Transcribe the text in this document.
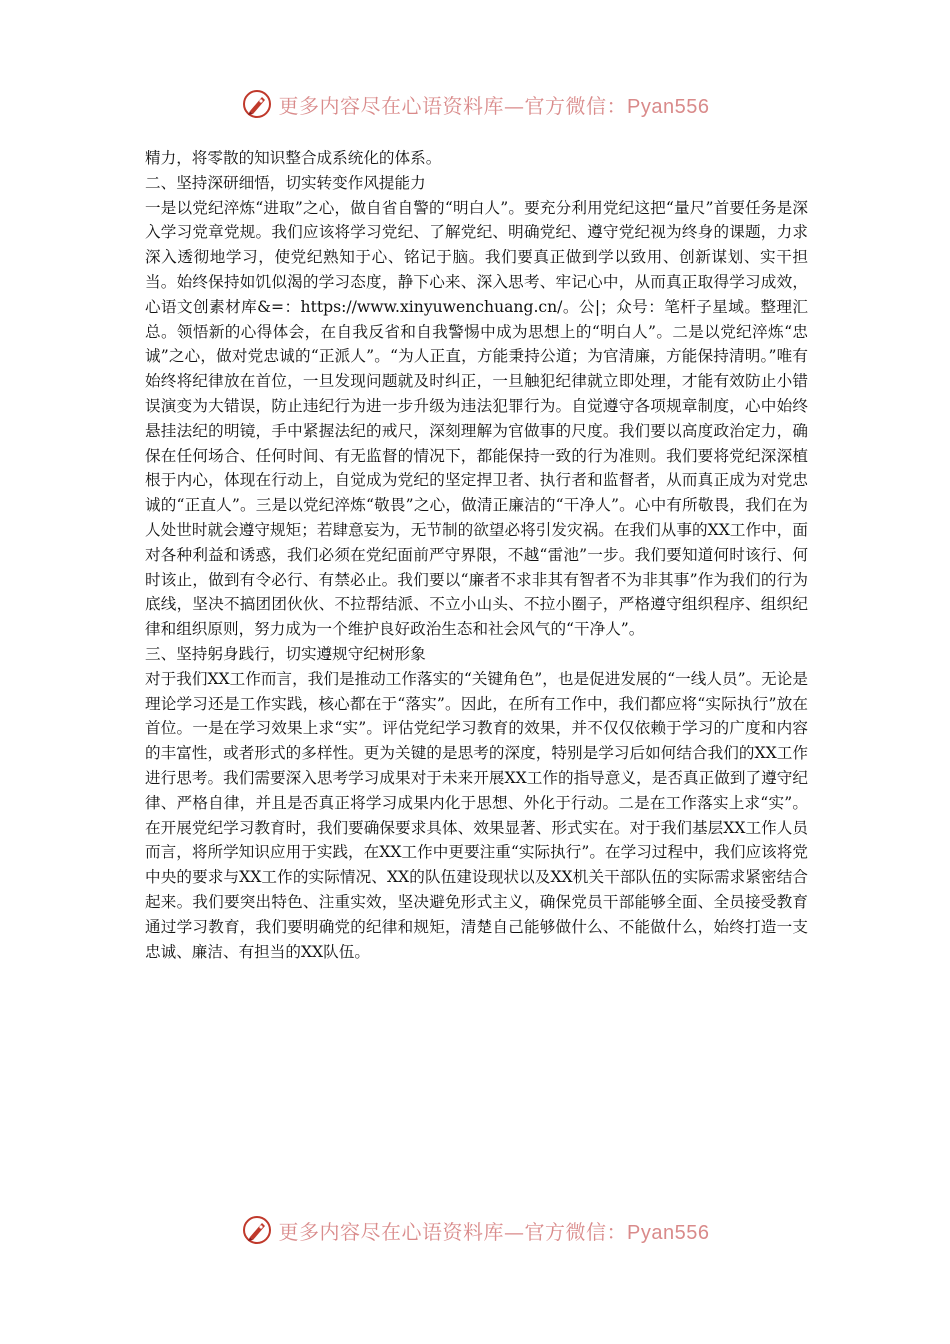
更多内容尽在心语资料库—官方微信：Pyan556

精力，将零散的知识整合成系统化的体系。

二、坚持深研细悟，切实转变作风提能力

一是以党纪淬炼“进取”之心，做自省自警的“明白人”。要充分利用党纪这把“量尺”首要任务是深入学习党章党规。我们应该将学习党纪、了解党纪、明确党纪、遵守党纪视为终身的课题，力求深入透彻地学习，使党纪熟知于心、铭记于脑。我们要真正做到学以致用、创新谋划、实干担当。始终保持如饥似渴的学习态度，静下心来、深入思考、牢记心中，从而真正取得学习成效，心语文创素材库&=：https://www.xinyuwenchuang.cn/。公|；众号：笔杆子星域。整理汇总。领悟新的心得体会，在自我反省和自我警惕中成为思想上的“明白人”。二是以党纪淬炼“忠诚”之心，做对党忠诚的“正派人”。“为人正直，方能秉持公道；为官清廉，方能保持清明。”唯有始终将纪律放在首位，一旦发现问题就及时纠正，一旦触犯纪律就立即处理，才能有效防止小错误演变为大错误，防止违纪行为进一步升级为违法犯罪行为。自觉遵守各项规章制度，心中始终悬挂法纪的明镜，手中紧握法纪的戒尺，深刻理解为官做事的尺度。我们要以高度政治定力，确保在任何场合、任何时间、有无监督的情况下，都能保持一致的行为准则。我们要将党纪深深植根于内心，体现在行动上，自觉成为党纪的坚定捍卫者、执行者和监督者，从而真正成为对党忠诚的“正直人”。三是以党纪淬炼“敬畏”之心，做清正廉洁的“干净人”。心中有所敬畏，我们在为人处世时就会遵守规矩；若肆意妄为，无节制的欲望必将引发灾祸。在我们从事的XX工作中，面对各种利益和诱惑，我们必须在党纪面前严守界限，不越“雷池”一步。我们要知道何时该行、何时该止，做到有令必行、有禁必止。我们要以“廉者不求非其有智者不为非其事”作为我们的行为底线，坚决不搞团团伙伙、不拉帮结派、不立小山头、不拉小圈子，严格遵守组织程序、组织纪律和组织原则，努力成为一个维护良好政治生态和社会风气的“干净人”。

三、坚持躬身践行，切实遵规守纪树形象

对于我们XX工作而言，我们是推动工作落实的“关键角色”，也是促进发展的“一线人员”。无论是理论学习还是工作实践，核心都在于“落实”。因此，在所有工作中，我们都应将“实际执行”放在首位。一是在学习效果上求“实”。评估党纪学习教育的效果，并不仅仅依赖于学习的广度和内容的丰富性，或者形式的多样性。更为关键的是思考的深度，特别是学习后如何结合我们的XX工作进行思考。我们需要深入思考学习成果对于未来开展XX工作的指导意义，是否真正做到了遵守纪律、严格自律，并且是否真正将学习成果内化于思想、外化于行动。二是在工作落实上求“实”。在开展党纪学习教育时，我们要确保要求具体、效果显著、形式实在。对于我们基层XX工作人员而言，将所学知识应用于实践，在XX工作中更要注重“实际执行”。在学习过程中，我们应该将党中央的要求与XX工作的实际情况、XX的队伍建设现状以及XX机关干部队伍的实际需求紧密结合起来。我们要突出特色、注重实效，坚决避免形式主义，确保党员干部能够全面、全员接受教育通过学习教育，我们要明确党的纪律和规矩，清楚自己能够做什么、不能做什么，始终打造一支忠诚、廉洁、有担当的XX队伍。

更多内容尽在心语资料库—官方微信：Pyan556
